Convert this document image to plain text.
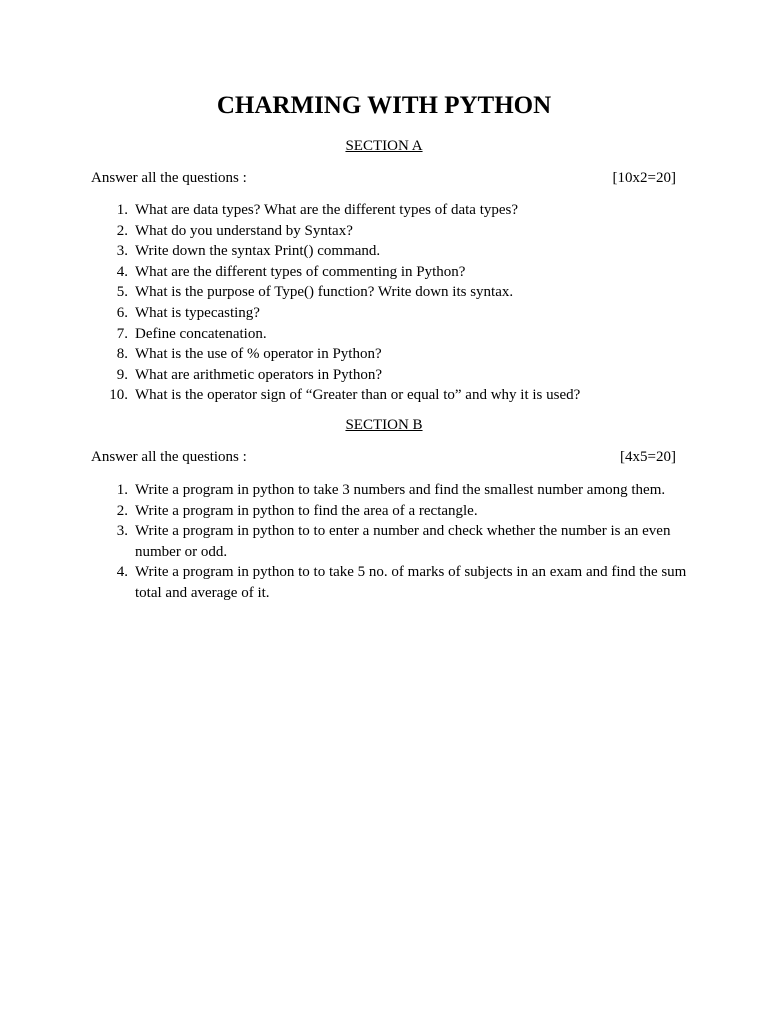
CHARMING WITH PYTHON
SECTION A
Answer all the questions :	[10x2=20]
1. What are data types? What are the different types of data types?
2. What do you understand by Syntax?
3. Write down the syntax Print() command.
4. What are the different types of commenting in Python?
5. What is the purpose of Type() function? Write down its syntax.
6. What is typecasting?
7. Define concatenation.
8. What is the use of % operator in Python?
9. What are arithmetic operators in Python?
10. What is the operator sign of “Greater than or equal to” and why it is used?
SECTION B
Answer all the questions :	[4x5=20]
1. Write a program in python to take 3 numbers and find the smallest number among them.
2. Write a program in python to find the area of a rectangle.
3. Write a program in python to to enter a number and check whether the number is an even number or odd.
4. Write a program in python to to take 5 no. of marks of subjects in an exam and find the sum total and average of it.
